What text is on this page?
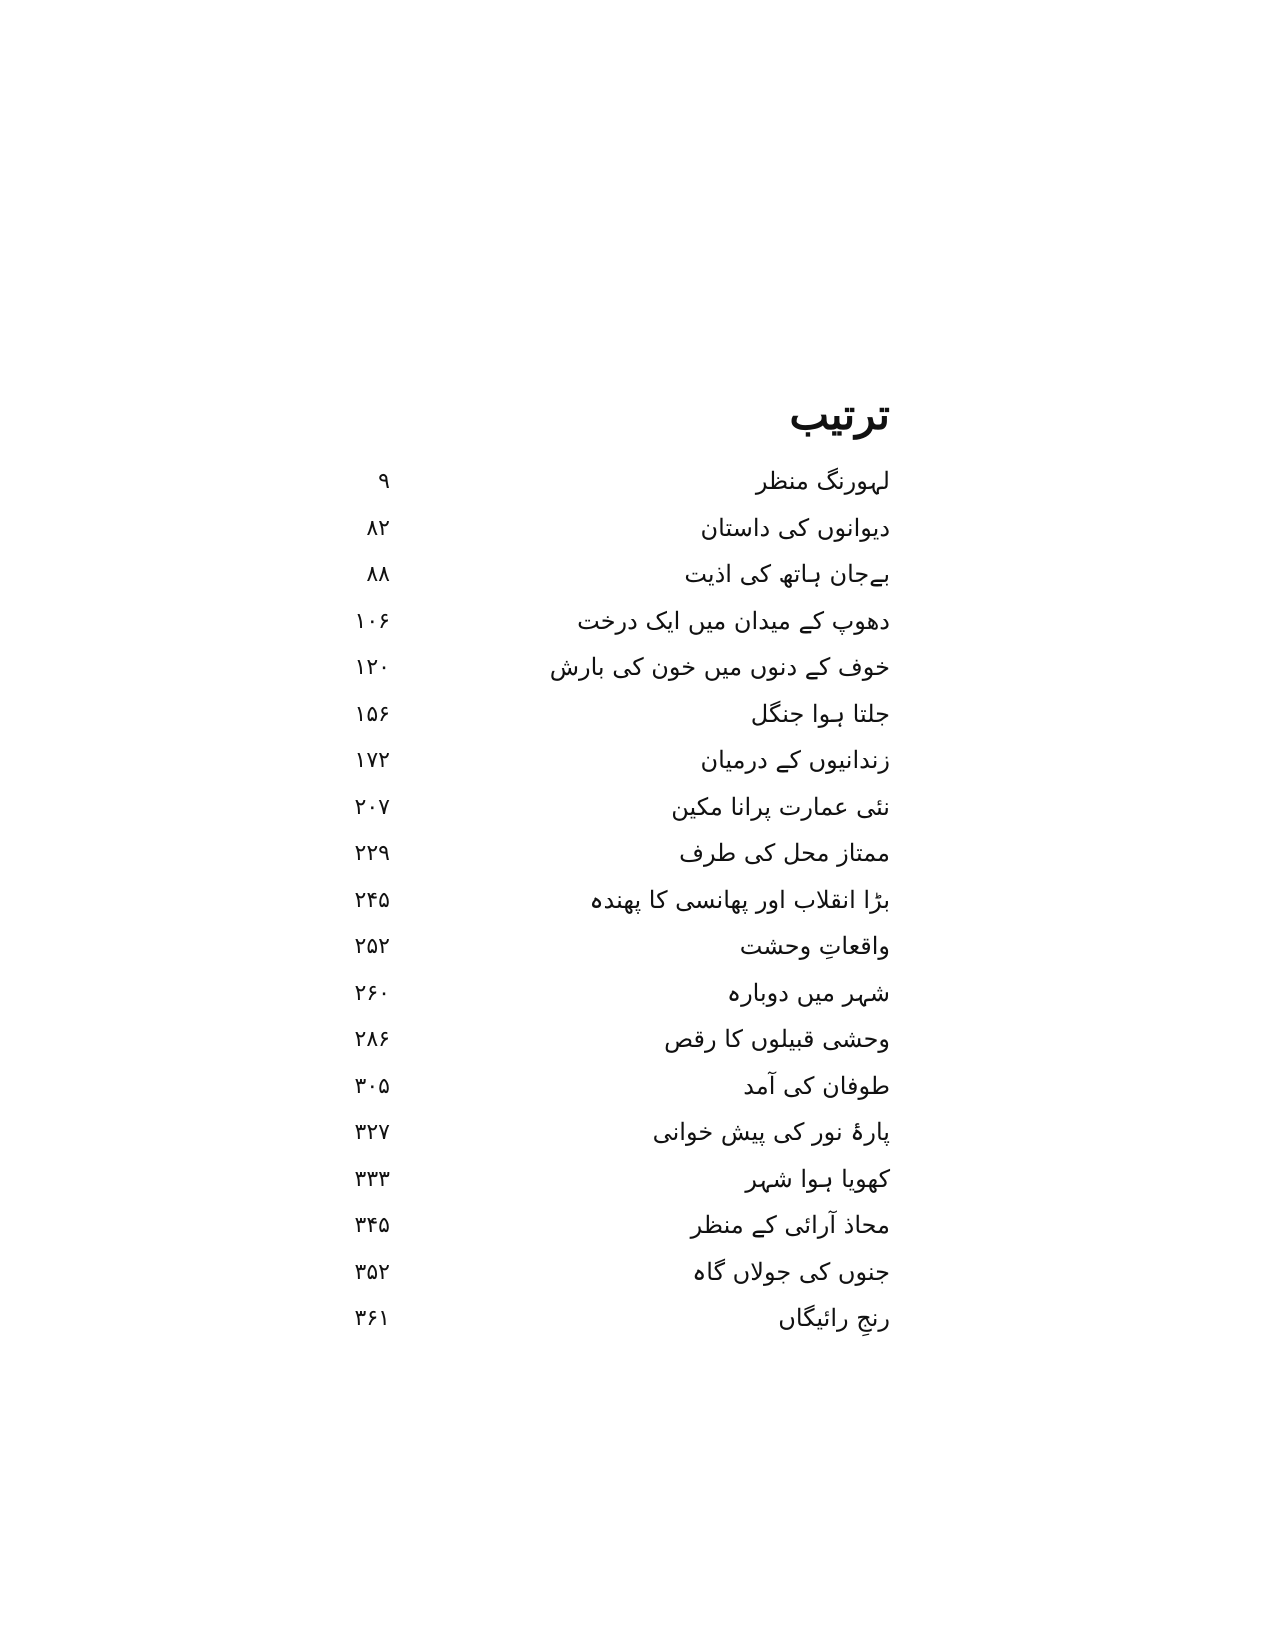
ترتیب
لہورنگ منظر
۹
دیوانوں کی داستان
۸۲
بےجان ہاتھ کی اذیت
۸۸
دھوپ کے میدان میں ایک درخت
۱۰۶
خوف کے دنوں میں خون کی بارش
۱۲۰
جلتا ہوا جنگل
۱۵۶
زندانیوں کے درمیان
۱۷۲
نئی عمارت پرانا مکین
۲۰۷
ممتاز محل کی طرف
۲۲۹
بڑا انقلاب اور پھانسی کا پھندہ
۲۴۵
واقعاتِ وحشت
۲۵۲
شہر میں دوبارہ
۲۶۰
وحشی قبیلوں کا رقص
۲۸۶
طوفان کی آمد
۳۰۵
پارۂ نور کی پیش خوانی
۳۲۷
کھویا ہوا شہر
۳۳۳
محاذ آرائی کے منظر
۳۴۵
جنوں کی جولاں گاہ
۳۵۲
رنجِ رائیگاں
۳۶۱
